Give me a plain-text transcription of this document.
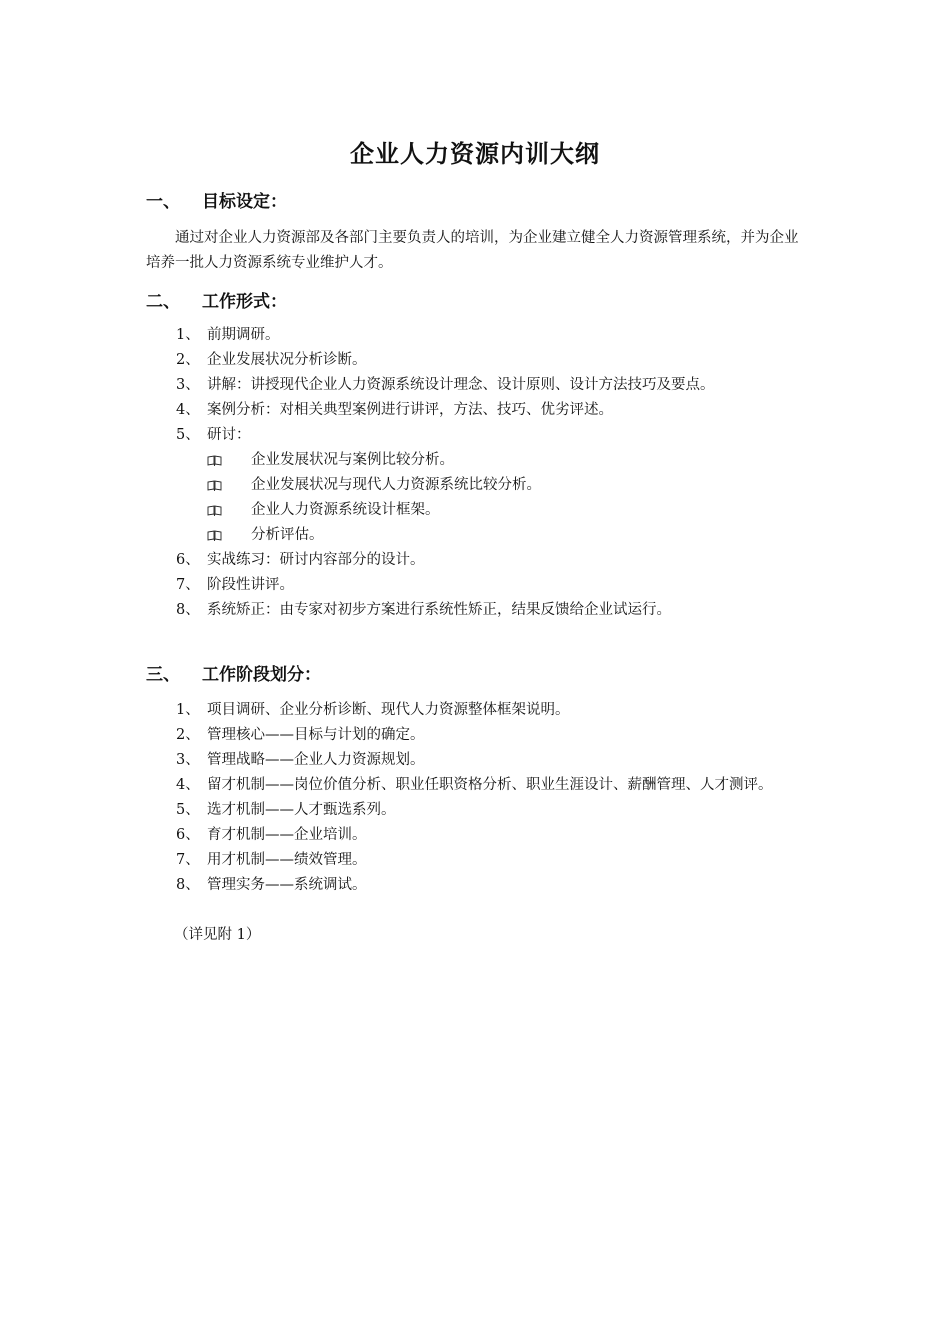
企业人力资源内训大纲
一、 目标设定：
通过对企业人力资源部及各部门主要负责人的培训，为企业建立健全人力资源管理系统，并为企业培养一批人力资源系统专业维护人才。
二、 工作形式：
1、 前期调研。
2、 企业发展状况分析诊断。
3、 讲解：讲授现代企业人力资源系统设计理念、设计原则、设计方法技巧及要点。
4、 案例分析：对相关典型案例进行讲评，方法、技巧、优劣评述。
5、 研讨：
企业发展状况与案例比较分析。
企业发展状况与现代人力资源系统比较分析。
企业人力资源系统设计框架。
分析评估。
6、 实战练习：研讨内容部分的设计。
7、 阶段性讲评。
8、 系统矫正：由专家对初步方案进行系统性矫正，结果反馈给企业试运行。
三、 工作阶段划分：
1、 项目调研、企业分析诊断、现代人力资源整体框架说明。
2、 管理核心——目标与计划的确定。
3、 管理战略——企业人力资源规划。
4、 留才机制——岗位价值分析、职业任职资格分析、职业生涯设计、薪酬管理、人才测评。
5、 选才机制——人才甄选系列。
6、 育才机制——企业培训。
7、 用才机制——绩效管理。
8、 管理实务——系统调试。
（详见附 1）
